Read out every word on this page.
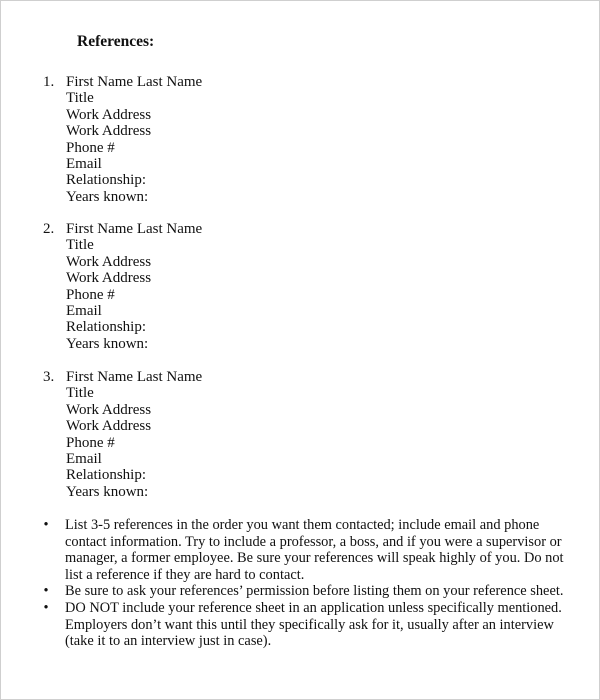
References:
1. First Name Last Name
Title
Work Address
Work Address
Phone #
Email
Relationship:
Years known:
2. First Name Last Name
Title
Work Address
Work Address
Phone #
Email
Relationship:
Years known:
3. First Name Last Name
Title
Work Address
Work Address
Phone #
Email
Relationship:
Years known:
•	List 3-5 references in the order you want them contacted; include email and phone
contact information. Try to include a professor, a boss, and if you were a supervisor or
manager, a former employee. Be sure your references will speak highly of you. Do not
list a reference if they are hard to contact.
•	Be sure to ask your references’ permission before listing them on your reference sheet.
•	DO NOT include your reference sheet in an application unless specifically mentioned.
Employers don’t want this until they specifically ask for it, usually after an interview
(take it to an interview just in case).
